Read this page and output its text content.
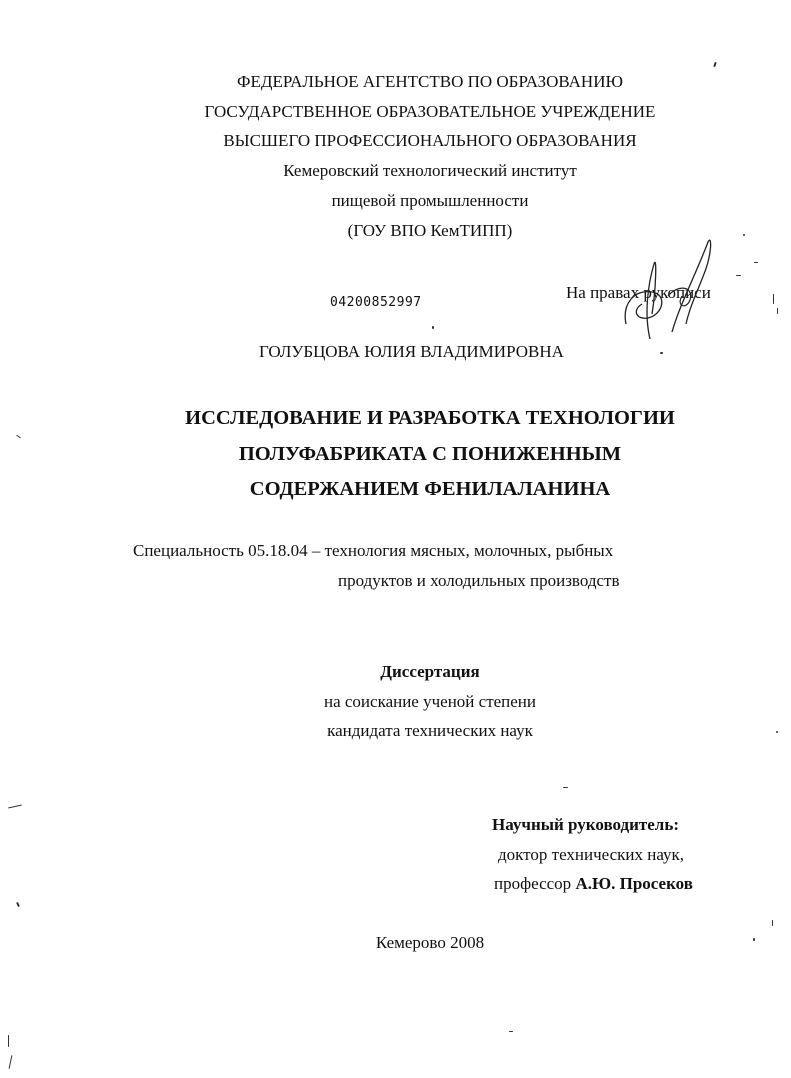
ФЕДЕРАЛЬНОЕ АГЕНТСТВО ПО ОБРАЗОВАНИЮ
ГОСУДАРСТВЕННОЕ ОБРАЗОВАТЕЛЬНОЕ УЧРЕЖДЕНИЕ
ВЫСШЕГО ПРОФЕССИОНАЛЬНОГО ОБРАЗОВАНИЯ
Кемеровский технологический институт
пищевой промышленности
(ГОУ ВПО КемТИПП)
04200852997
На правах рукописи
ГОЛУБЦОВА ЮЛИЯ ВЛАДИМИРОВНА
ИССЛЕДОВАНИЕ И РАЗРАБОТКА ТЕХНОЛОГИИ
ПОЛУФАБРИКАТА С ПОНИЖЕННЫМ
СОДЕРЖАНИЕМ ФЕНИЛАЛАНИНА
Специальность 05.18.04 – технология мясных, молочных, рыбных
продуктов и холодильных производств
Диссертация
на соискание ученой степени
кандидата технических наук
Научный руководитель:
доктор технических наук,
профессор А.Ю. Просеков
Кемерово 2008
